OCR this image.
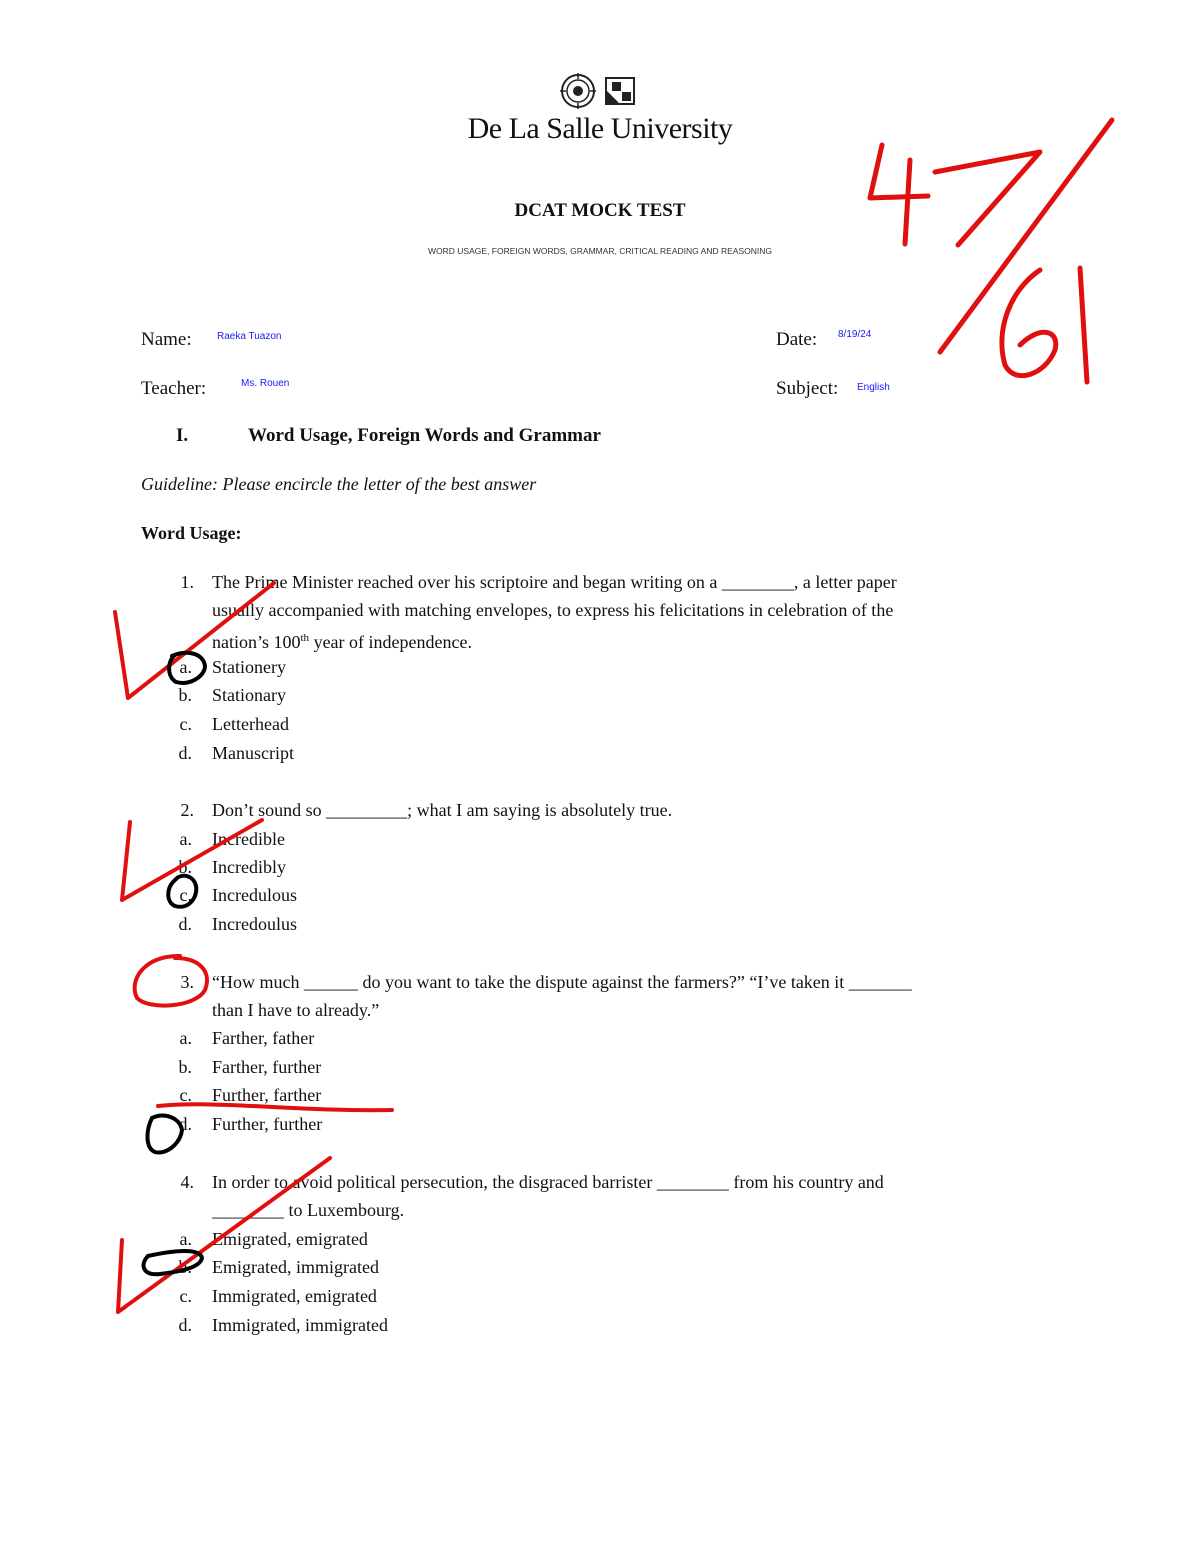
De La Salle University
DCAT MOCK TEST
WORD USAGE, FOREIGN WORDS, GRAMMAR, CRITICAL READING AND REASONING
Name:	Raeka Tuazon	Date: 8/19/24
Teacher:	Ms. Rouen	Subject: English
I.	Word Usage, Foreign Words and Grammar
Guideline: Please encircle the letter of the best answer
Word Usage:
1. The Prime Minister reached over his scriptoire and began writing on a ________, a letter paper
usually accompanied with matching envelopes, to express his felicitations in celebration of the
nation’s 100th year of independence.
a. Stationery
b. Stationary
c. Letterhead
d. Manuscript
2. Don’t sound so _________; what I am saying is absolutely true.
a. Incredible
b. Incredibly
c. Incredulous
d. Incredoulus
3. “How much ______ do you want to take the dispute against the farmers?” “I’ve taken it _______
than I have to already.”
a. Farther, father
b. Farther, further
c. Further, farther
d. Further, further
4. In order to avoid political persecution, the disgraced barrister ________ from his country and
________ to Luxembourg.
a. Emigrated, emigrated
b. Emigrated, immigrated
c. Immigrated, emigrated
d. Immigrated, immigrated
